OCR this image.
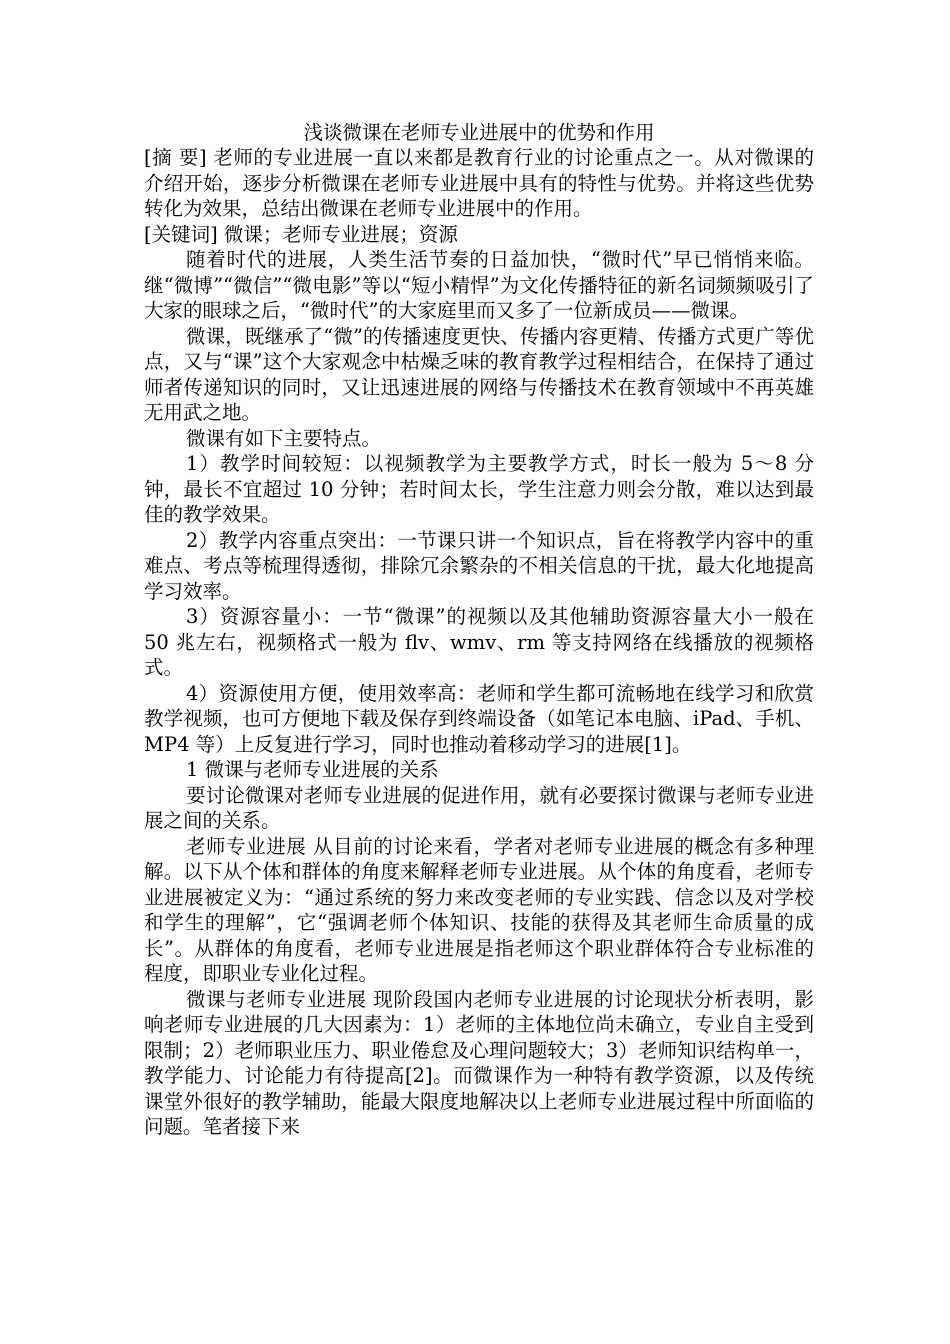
浅谈微课在老师专业进展中的优势和作用

[摘 要] 老师的专业进展一直以来都是教育行业的讨论重点之一。从对微课的介绍开始，逐步分析微课在老师专业进展中具有的特性与优势。并将这些优势转化为效果，总结出微课在老师专业进展中的作用。

[关键词] 微课；老师专业进展；资源

随着时代的进展，人类生活节奏的日益加快，“微时代”早已悄悄来临。继“微博”“微信”“微电影”等以“短小精悍”为文化传播特征的新名词频频吸引了大家的眼球之后，“微时代”的大家庭里而又多了一位新成员——微课。

微课，既继承了“微”的传播速度更快、传播内容更精、传播方式更广等优点，又与“课”这个大家观念中枯燥乏味的教育教学过程相结合，在保持了通过师者传递知识的同时，又让迅速进展的网络与传播技术在教育领域中不再英雄无用武之地。

微课有如下主要特点。

1）教学时间较短：以视频教学为主要教学方式，时长一般为 5～8 分钟，最长不宜超过 10 分钟；若时间太长，学生注意力则会分散，难以达到最佳的教学效果。

2）教学内容重点突出：一节课只讲一个知识点，旨在将教学内容中的重难点、考点等梳理得透彻，排除冗余繁杂的不相关信息的干扰，最大化地提高学习效率。

3）资源容量小：一节“微课”的视频以及其他辅助资源容量大小一般在 50 兆左右，视频格式一般为 flv、wmv、rm 等支持网络在线播放的视频格式。

4）资源使用方便，使用效率高：老师和学生都可流畅地在线学习和欣赏教学视频，也可方便地下载及保存到终端设备（如笔记本电脑、iPad、手机、MP4 等）上反复进行学习，同时也推动着移动学习的进展[1]。

1 微课与老师专业进展的关系

要讨论微课对老师专业进展的促进作用，就有必要探讨微课与老师专业进展之间的关系。

老师专业进展 从目前的讨论来看，学者对老师专业进展的概念有多种理解。以下从个体和群体的角度来解释老师专业进展。从个体的角度看，老师专业进展被定义为：“通过系统的努力来改变老师的专业实践、信念以及对学校和学生的理解”，它“强调老师个体知识、技能的获得及其老师生命质量的成长”。从群体的角度看，老师专业进展是指老师这个职业群体符合专业标准的程度，即职业专业化过程。

微课与老师专业进展 现阶段国内老师专业进展的讨论现状分析表明，影响老师专业进展的几大因素为：1）老师的主体地位尚未确立，专业自主受到限制；2）老师职业压力、职业倦怠及心理问题较大；3）老师知识结构单一，教学能力、讨论能力有待提高[2]。而微课作为一种特有教学资源，以及传统课堂外很好的教学辅助，能最大限度地解决以上老师专业进展过程中所面临的问题。笔者接下来
